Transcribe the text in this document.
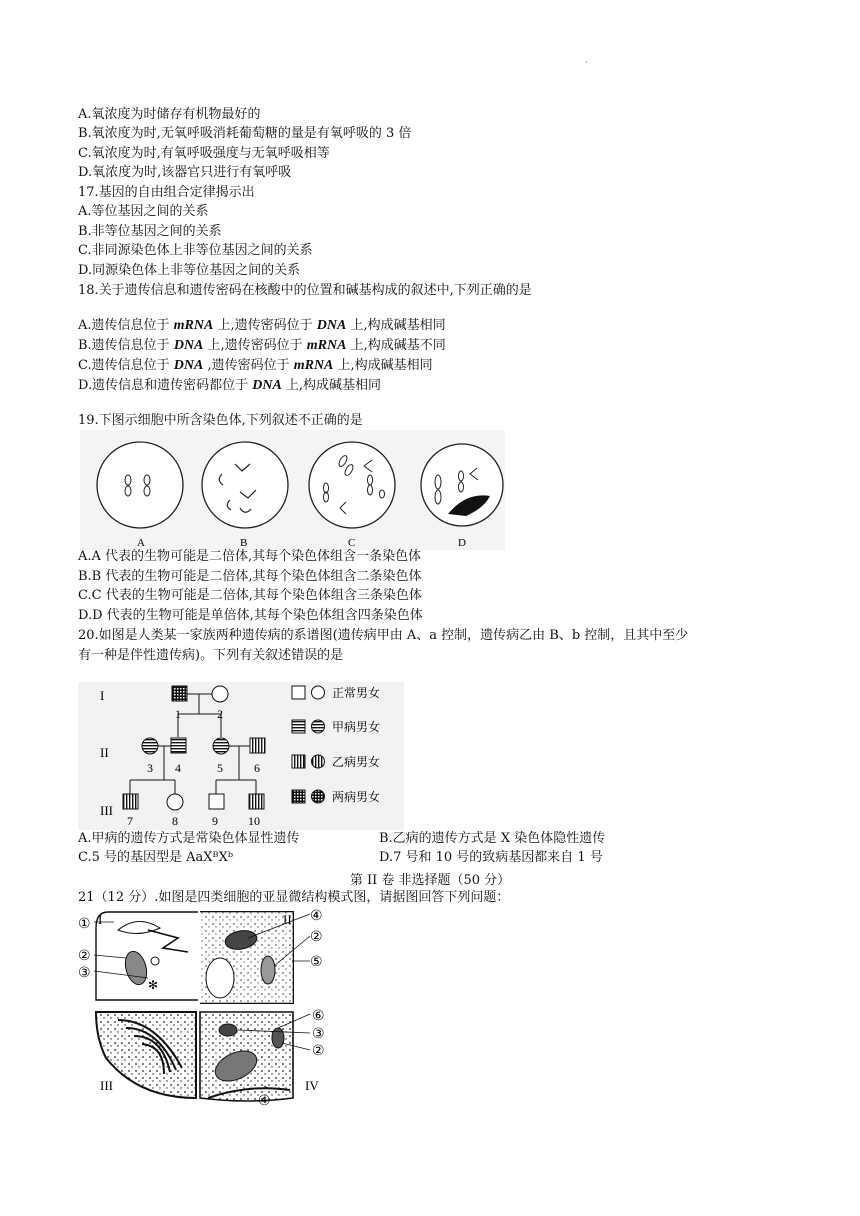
·
A.氧浓度为时储存有机物最好的
B.氧浓度为时,无氧呼吸消耗葡萄糖的量是有氧呼吸的 3 倍
C.氧浓度为时,有氧呼吸强度与无氧呼吸相等
D.氧浓度为时,该器官只进行有氧呼吸
17.基因的自由组合定律揭示出
A.等位基因之间的关系
B.非等位基因之间的关系
C.非同源染色体上非等位基因之间的关系
D.同源染色体上非等位基因之间的关系
18.关于遗传信息和遗传密码在核酸中的位置和碱基构成的叙述中,下列正确的是
A.遗传信息位于 mRNA 上,遗传密码位于 DNA 上,构成碱基相同
B.遗传信息位于 DNA 上,遗传密码位于 mRNA 上,构成碱基不同
C.遗传信息位于 DNA ,遗传密码位于 mRNA 上,构成碱基相同
D.遗传信息和遗传密码都位于 DNA 上,构成碱基相同
19.下图示细胞中所含染色体,下列叙述不正确的是
A	B	C	D
A.A 代表的生物可能是二倍体,其每个染色体组含一条染色体
B.B 代表的生物可能是二倍体,其每个染色体组含二条染色体
C.C 代表的生物可能是二倍体,其每个染色体组含三条染色体
D.D 代表的生物可能是单倍体,其每个染色体组含四条染色体
20.如图是人类某一家族两种遗传病的系谱图(遗传病甲由 A、a 控制，遗传病乙由 B、b 控制，且其中至少
有一种是伴性遗传病)。下列有关叙述错误的是
I
II
III
1	2
3 4	5	6
7	8	9	10
正常男女
甲病男女
乙病男女
两病男女
A.甲病的遗传方式是常染色体显性遗传	B.乙病的遗传方式是 X 染色体隐性遗传
C.5 号的基因型是 AaXᴮXᵇ	D.7 号和 10 号的致病基因都来自 1 号
第 II 卷 非选择题（50 分）
21（12 分）.如图是四类细胞的亚显微结构模式图，请据图回答下列问题：
✻
I	II
III	IV
①
②
③
④
②
⑤
⑥
③
②
④
